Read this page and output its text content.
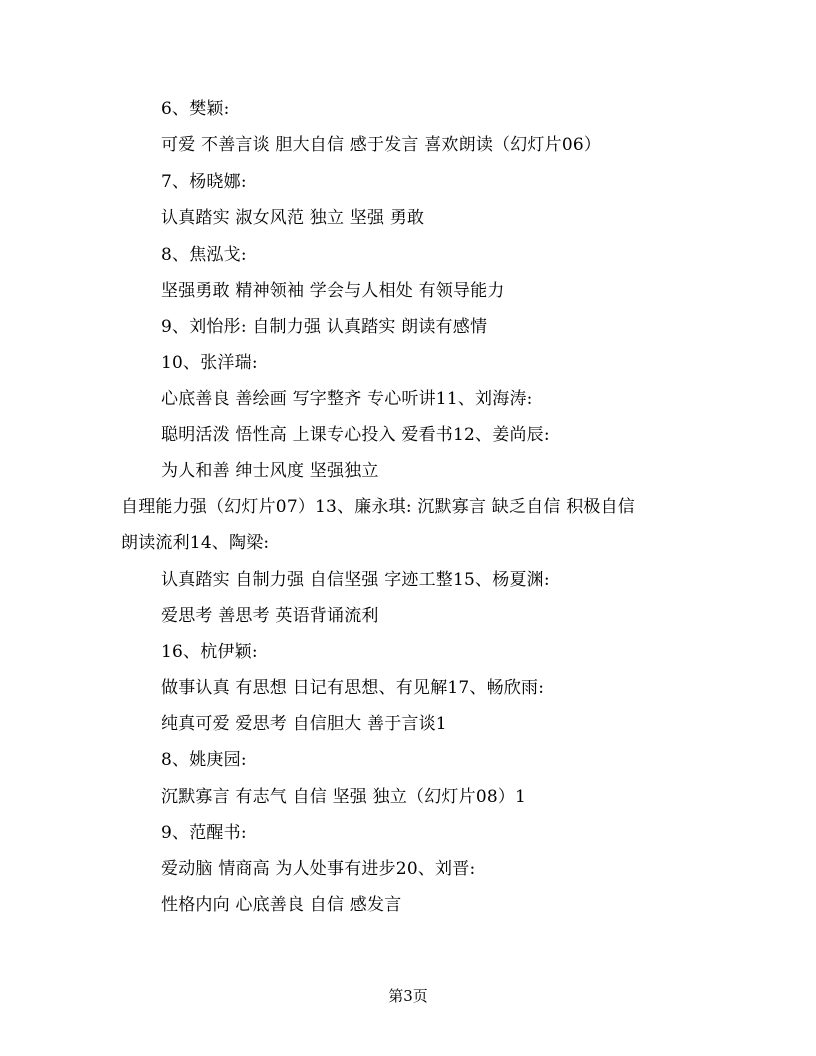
6、樊颖:
可爱 不善言谈 胆大自信 感于发言 喜欢朗读（幻灯片06）
7、杨晓娜:
认真踏实 淑女风范 独立 坚强 勇敢
8、焦泓戈:
坚强勇敢 精神领袖 学会与人相处 有领导能力
9、刘怡彤: 自制力强 认真踏实 朗读有感情
10、张洋瑞:
心底善良 善绘画 写字整齐 专心听讲11、刘海涛:
聪明活泼 悟性高 上课专心投入 爱看书12、姜尚辰:
为人和善 绅士风度 坚强独立
自理能力强（幻灯片07）13、廉永琪: 沉默寡言 缺乏自信 积极自信
朗读流利14、陶梁:
认真踏实 自制力强 自信坚强 字迹工整15、杨夏渊:
爱思考 善思考 英语背诵流利
16、杭伊颖:
做事认真 有思想 日记有思想、有见解17、畅欣雨:
纯真可爱 爱思考 自信胆大 善于言谈1
8、姚庚园:
沉默寡言 有志气 自信 坚强 独立（幻灯片08）1
9、范醒书:
爱动脑 情商高 为人处事有进步20、刘晋:
性格内向 心底善良 自信 感发言
第3页
